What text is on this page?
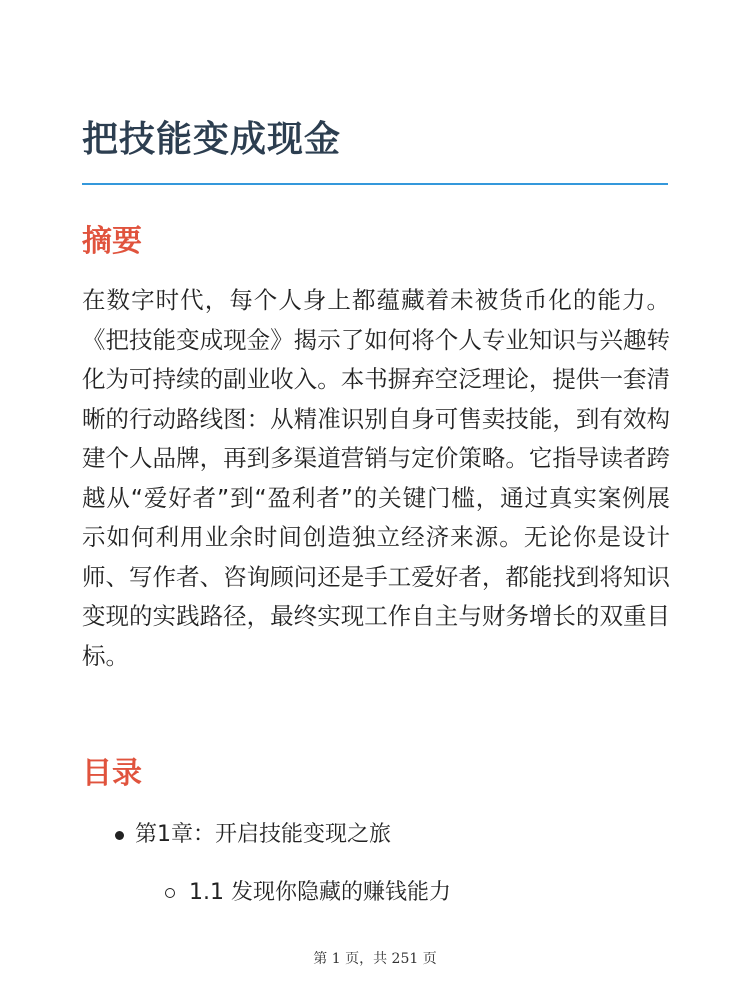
把技能变成现金
摘要

在数字时代，每个人身上都蕴藏着未被货币化的能力。《把技能变成现金》揭示了如何将个人专业知识与兴趣转化为可持续的副业收入。本书摒弃空泛理论，提供一套清晰的行动路线图：从精准识别自身可售卖技能，到有效构建个人品牌，再到多渠道营销与定价策略。它指导读者跨越从“爱好者”到“盈利者”的关键门槛，通过真实案例展示如何利用业余时间创造独立经济来源。无论你是设计师、写作者、咨询顾问还是手工爱好者，都能找到将知识变现的实践路径，最终实现工作自主与财务增长的双重目标。

目录
第1章：开启技能变现之旅
1.1 发现你隐藏的赚钱能力
第 1 页，共 251 页
